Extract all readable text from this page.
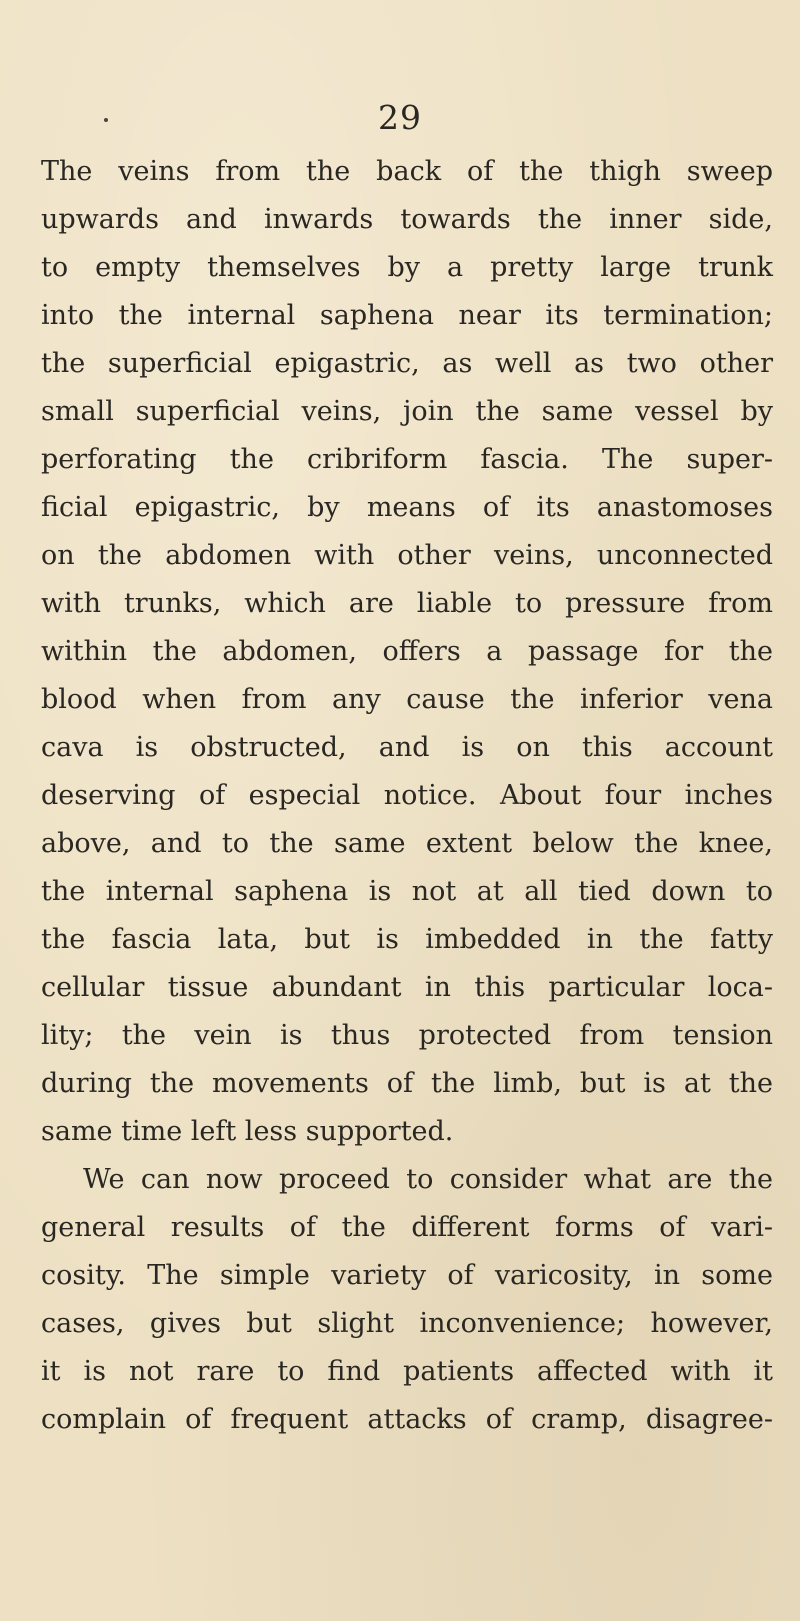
29
The veins from the back of the thigh sweep
upwards and inwards towards the inner side,
to empty themselves by a pretty large trunk
into the internal saphena near its termination;
the superficial epigastric, as well as two other
small superficial veins, join the same vessel by
perforating the cribriform fascia. The super-
ficial epigastric, by means of its anastomoses
on the abdomen with other veins, unconnected
with trunks, which are liable to pressure from
within the abdomen, offers a passage for the
blood when from any cause the inferior vena
cava is obstructed, and is on this account
deserving of especial notice. About four inches
above, and to the same extent below the knee,
the internal saphena is not at all tied down to
the fascia lata, but is imbedded in the fatty
cellular tissue abundant in this particular loca-
lity; the vein is thus protected from tension
during the movements of the limb, but is at the
same time left less supported.
We can now proceed to consider what are the
general results of the different forms of vari-
cosity. The simple variety of varicosity, in some
cases, gives but slight inconvenience; however,
it is not rare to find patients affected with it
complain of frequent attacks of cramp, disagree-
